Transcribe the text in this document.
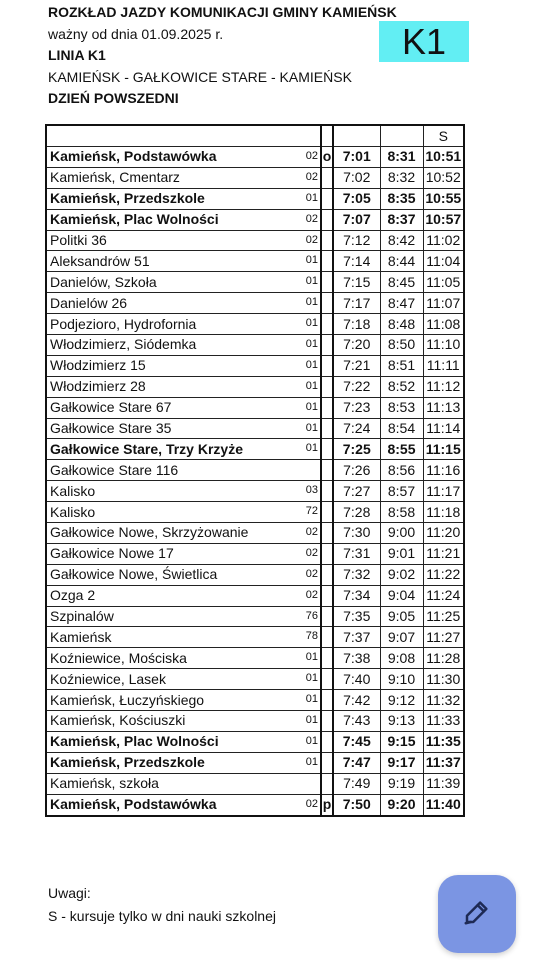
ROZKŁAD JAZDY KOMUNIKACJI GMINY KAMIEŃSK
ważny od dnia 01.09.2025 r.
LINIA K1
KAMIEŃSK - GAŁKOWICE STARE - KAMIEŃSK
DZIEŃ POWSZEDNI
K1
				S
Kamieńsk, Podstawówka 02	o	7:01	8:31	10:51
Kamieńsk, Cmentarz 02		7:02	8:32	10:52
Kamieńsk, Przedszkole 01		7:05	8:35	10:55
Kamieńsk, Plac Wolności 02		7:07	8:37	10:57
Politki 36 02		7:12	8:42	11:02
Aleksandrów 51 01		7:14	8:44	11:04
Danielów, Szkoła 01		7:15	8:45	11:05
Danielów 26 01		7:17	8:47	11:07
Podjezioro, Hydrofornia 01		7:18	8:48	11:08
Włodzimierz, Siódemka 01		7:20	8:50	11:10
Włodzimierz 15 01		7:21	8:51	11:11
Włodzimierz 28 01		7:22	8:52	11:12
Gałkowice Stare 67 01		7:23	8:53	11:13
Gałkowice Stare 35 01		7:24	8:54	11:14
Gałkowice Stare, Trzy Krzyże 01		7:25	8:55	11:15
Gałkowice Stare 116		7:26	8:56	11:16
Kalisko 03		7:27	8:57	11:17
Kalisko 72		7:28	8:58	11:18
Gałkowice Nowe, Skrzyżowanie 02		7:30	9:00	11:20
Gałkowice Nowe 17 02		7:31	9:01	11:21
Gałkowice Nowe, Świetlica 02		7:32	9:02	11:22
Ozga 2 02		7:34	9:04	11:24
Szpinalów 76		7:35	9:05	11:25
Kamieńsk 78		7:37	9:07	11:27
Koźniewice, Mościska 01		7:38	9:08	11:28
Koźniewice, Lasek 01		7:40	9:10	11:30
Kamieńsk, Łuczyńskiego 01		7:42	9:12	11:32
Kamieńsk, Kościuszki 01		7:43	9:13	11:33
Kamieńsk, Plac Wolności 01		7:45	9:15	11:35
Kamieńsk, Przedszkole 01		7:47	9:17	11:37
Kamieńsk, szkoła		7:49	9:19	11:39
Kamieńsk, Podstawówka 02	p	7:50	9:20	11:40
Uwagi:
S - kursuje tylko w dni nauki szkolnej
